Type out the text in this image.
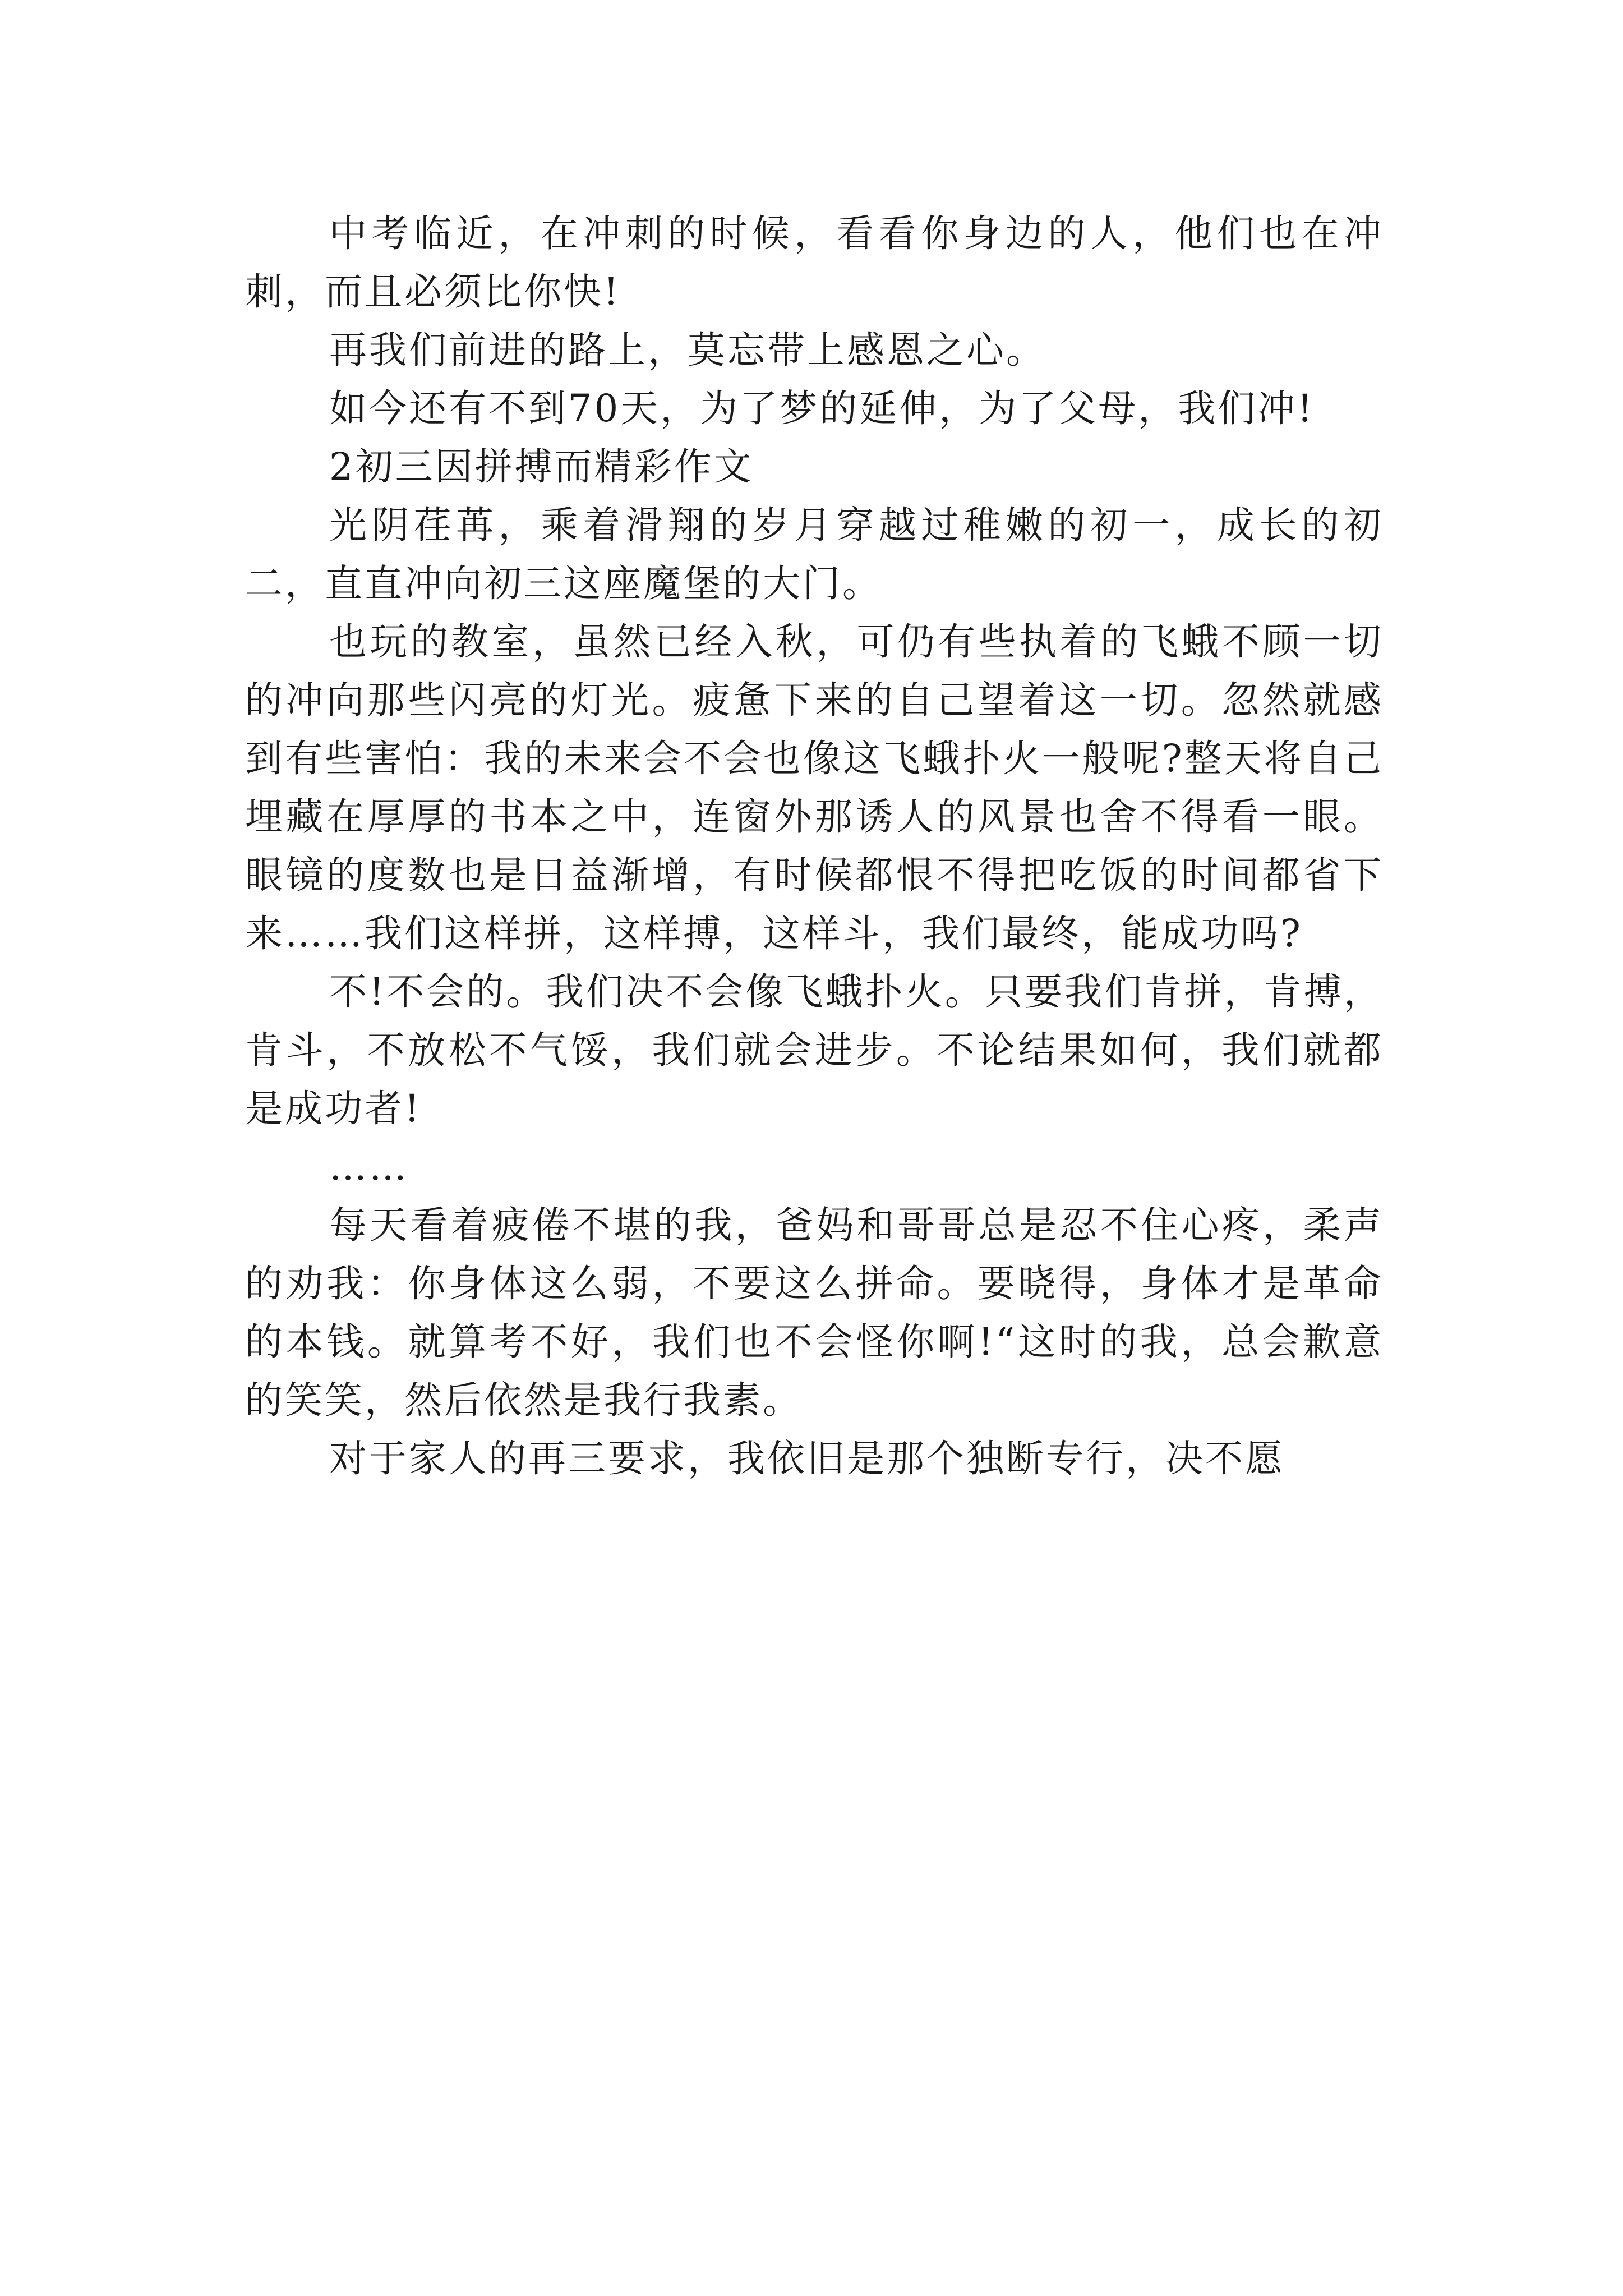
中考临近，在冲刺的时候，看看你身边的人，他们也在冲刺，而且必须比你快!

再我们前进的路上，莫忘带上感恩之心。

如今还有不到70天，为了梦的延伸，为了父母，我们冲!

2初三因拼搏而精彩作文

光阴荏苒，乘着滑翔的岁月穿越过稚嫩的初一，成长的初二，直直冲向初三这座魔堡的大门。

也玩的教室，虽然已经入秋，可仍有些执着的飞蛾不顾一切的冲向那些闪亮的灯光。疲惫下来的自己望着这一切。忽然就感到有些害怕：我的未来会不会也像这飞蛾扑火一般呢?整天将自己埋藏在厚厚的书本之中，连窗外那诱人的风景也舍不得看一眼。眼镜的度数也是日益渐增，有时候都恨不得把吃饭的时间都省下来……我们这样拼，这样搏，这样斗，我们最终，能成功吗?

不!不会的。我们决不会像飞蛾扑火。只要我们肯拼，肯搏，肯斗，不放松不气馁，我们就会进步。不论结果如何，我们就都是成功者!

……

每天看着疲倦不堪的我，爸妈和哥哥总是忍不住心疼，柔声的劝我：你身体这么弱，不要这么拼命。要晓得，身体才是革命的本钱。就算考不好，我们也不会怪你啊!“这时的我，总会歉意的笑笑，然后依然是我行我素。

对于家人的再三要求，我依旧是那个独断专行，决不愿
